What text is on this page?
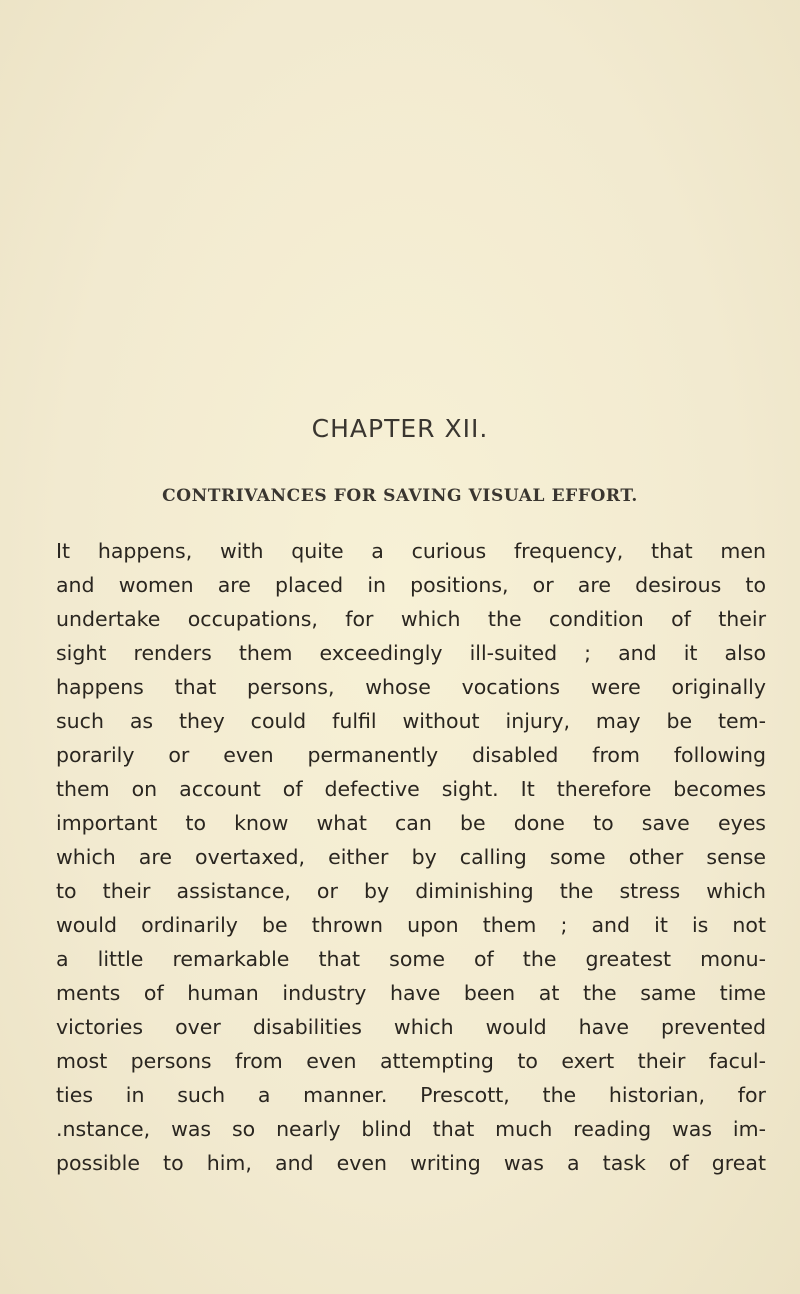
CHAPTER XII.
CONTRIVANCES FOR SAVING VISUAL EFFORT.
It happens, with quite a curious frequency, that men
and women are placed in positions, or are desirous to
undertake occupations, for which the condition of their
sight renders them exceedingly ill-suited ; and it also
happens that persons, whose vocations were originally
such as they could fulfil without injury, may be tem-
porarily or even permanently disabled from following
them on account of defective sight. It therefore becomes
important to know what can be done to save eyes
which are overtaxed, either by calling some other sense
to their assistance, or by diminishing the stress which
would ordinarily be thrown upon them ; and it is not
a little remarkable that some of the greatest monu-
ments of human industry have been at the same time
victories over disabilities which would have prevented
most persons from even attempting to exert their facul-
ties in such a manner. Prescott, the historian, for
.nstance, was so nearly blind that much reading was im-
possible to him, and even writing was a task of great
